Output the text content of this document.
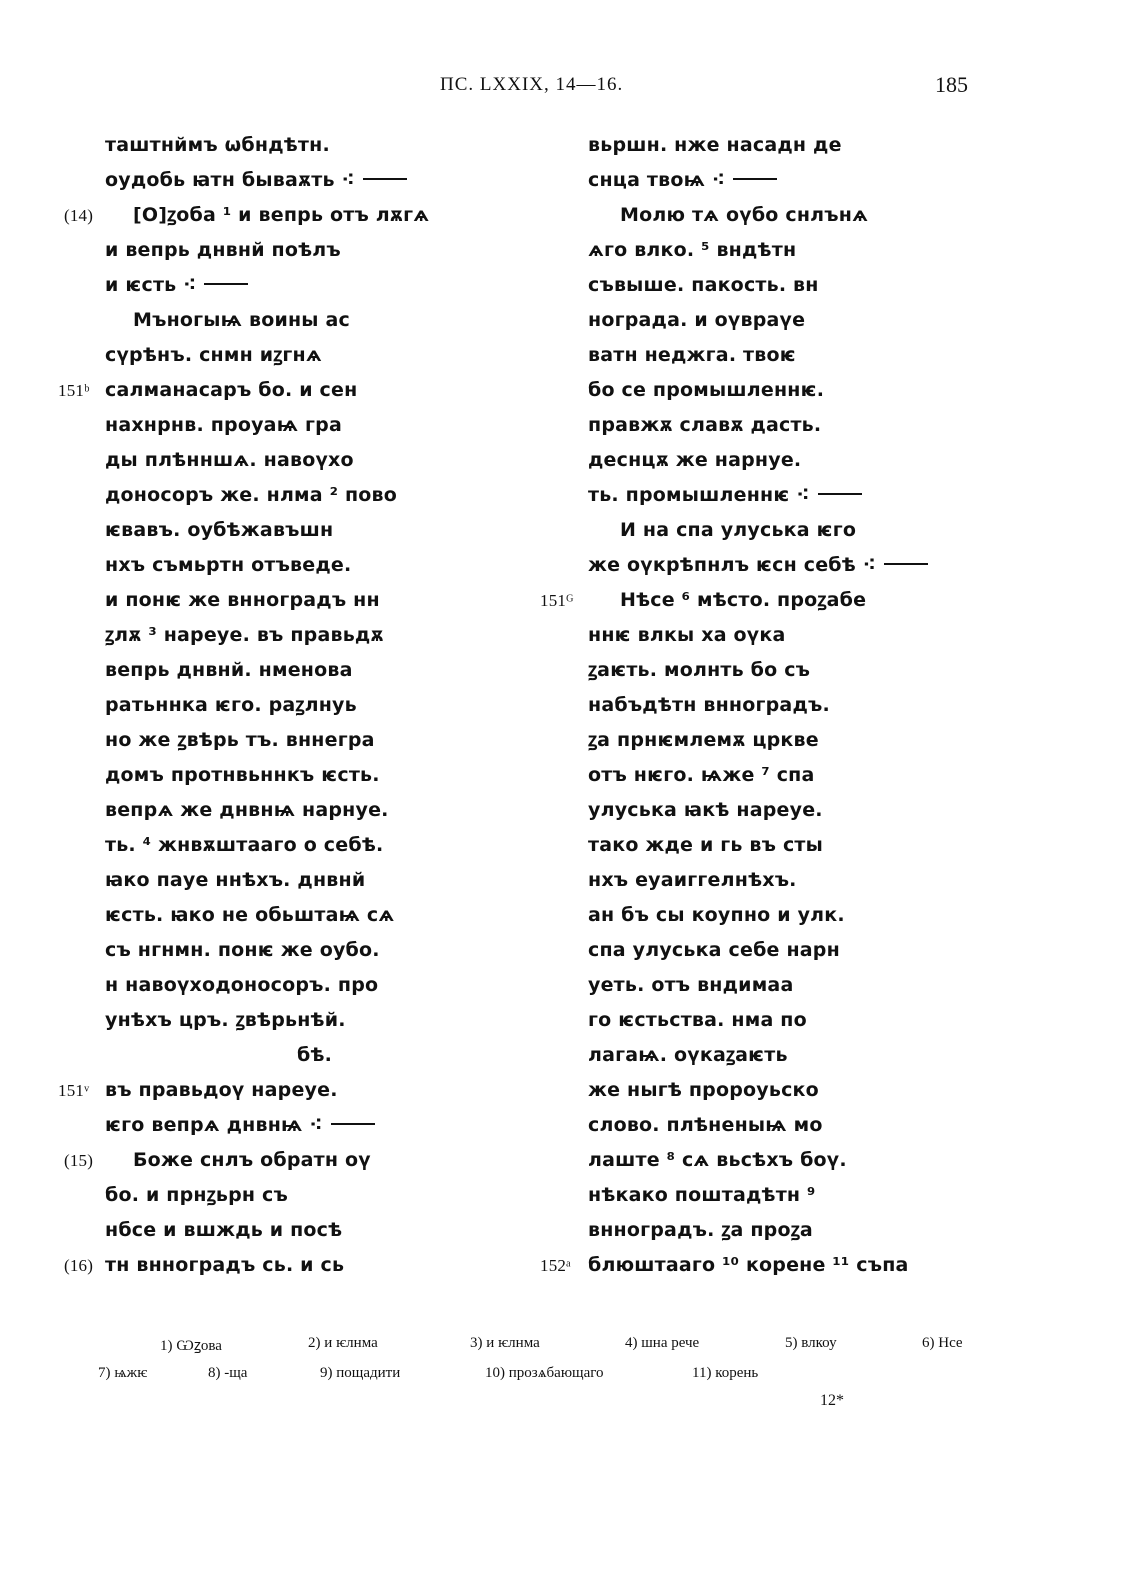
ПС. LXXIX, 14—16.	185
таштнймъ ѡбндѣтн.
оудобь ꙗтн бываѫть ⁖
(14) [О]ꙁоба ¹ и вепрь отъ лѫгѧ
и вепрь днвнй поѣлъ
и ѥсть ⁖
Мъногыѩ воины ас
сүрѣнъ. снмн иꙁгнѧ
151ᵇ салманасаръ бо. и сен
нахнрнв. проуаѩ гра
ды плѣнншѧ. навоүхо
доносоръ же. нлма ² пово
ѥвавъ. оубѣжавъшн
нхъ съмьртн отъведе.
и понѥ же внноградъ нн
ꙁлѫ ³ нареуе. въ правьдѫ
вепрь днвнй. нменова
ратьннка ѥго. раꙁлнуь
но же ꙁвѣрь тъ. вннегра
домъ протнвьннкъ ѥсть.
вепрѧ же днвнѩ нарнуе.
ть. ⁴ жнвѫштааго о себѣ.
ꙗко пауе ннѣхъ. днвнй
ѥсть. ꙗко не обьштаѩ сѧ
съ нгнмн. понѥ же оубо.
н навоүходоносоръ. про
унѣхъ цръ. ꙁвѣрьнѣй.
бѣ.
151ᵛ въ правьдоү нареуе.
ѥго вепрѧ днвнѩ ⁖
(15) Боже снлъ обратн оү
бо. и прнꙁьрн съ
нбсе и вшждь и посѣ
(16) тн внноградъ сь. и сь
вьршн. нже насадн де
снца твоѩ ⁖
Молю тѧ оүбо снлънѧ
ѧго влко. ⁵ вндѣтн
съвыше. пакость. вн
нограда. и оүвраүе
ватн неджга. твоѥ
бо се промышленнѥ.
правжѫ славѫ дасть.
деснцѫ же нарнуе.
ть. промышленнѥ ⁖
И на спа улуська ѥго
же оүкрѣпнлъ ѥсн себѣ ⁖
151ᴳ Нѣсе ⁶ мѣсто. проꙁабе
ннѥ влкы ха оүка
ꙁаѥть. молнть бо съ
набъдѣтн внноградъ.
ꙁа прнѥмлемѫ цркве
отъ нѥго. ѩже ⁷ спа
улуська ꙗкѣ нареуе.
тако жде и гь въ сты
нхъ еуаиггелнѣхъ.
ан бъ сы коупно и улк.
спа улуська себе нарн
уеть. отъ вндимаа
го ѥстьства. нма по
лагаѩ. оүкаꙁаѥть
же ныгѣ пророуьско
слово. плѣненыѩ мо
лаште ⁸ сѧ вьсѣхъ боү.
нѣкако поштадѣтн ⁹
внноградъ. ꙁа проꙁа
152ᵃ блюштааго ¹⁰ корене ¹¹ съпа
1) Ѡꙁова	2) и ѥлнма	3) и ѥлнма	4) шна рече	5) влкоу	6) Нсе
7) ѩжѥ	8) -ща	9) пощадити	10) прозѧбающаго	11) корень
12*
